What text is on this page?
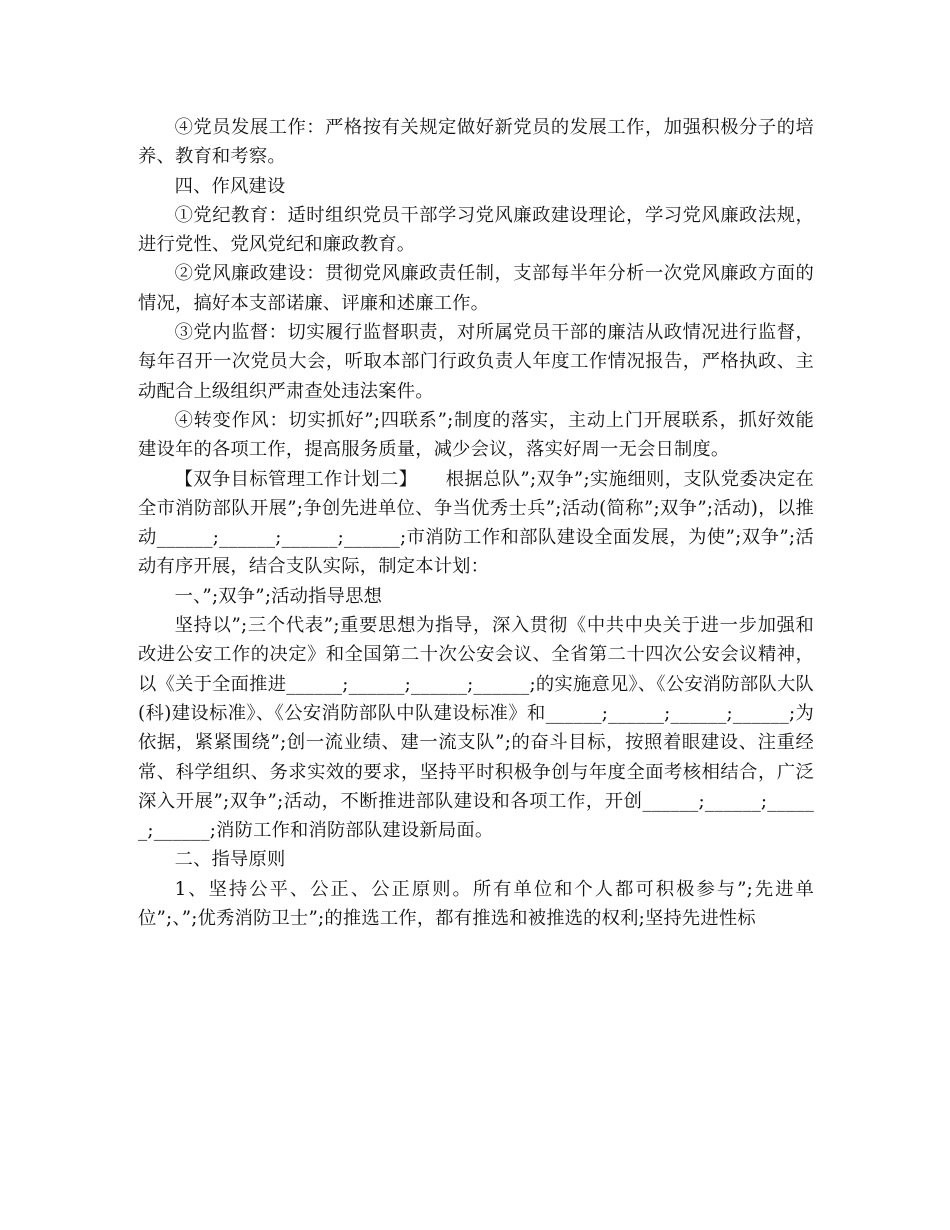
④党员发展工作：严格按有关规定做好新党员的发展工作，加强积极分子的培养、教育和考察。

四、作风建设

①党纪教育：适时组织党员干部学习党风廉政建设理论，学习党风廉政法规，进行党性、党风党纪和廉政教育。

②党风廉政建设：贯彻党风廉政责任制，支部每半年分析一次党风廉政方面的情况，搞好本支部诺廉、评廉和述廉工作。

③党内监督：切实履行监督职责，对所属党员干部的廉洁从政情况进行监督，每年召开一次党员大会，听取本部门行政负责人年度工作情况报告，严格执政、主动配合上级组织严肃查处违法案件。

④转变作风：切实抓好”;四联系”;制度的落实，主动上门开展联系，抓好效能建设年的各项工作，提高服务质量，减少会议，落实好周一无会日制度。

【双争目标管理工作计划二】　　根据总队”;双争”;实施细则，支队党委决定在全市消防部队开展”;争创先进单位、争当优秀士兵”;活动(简称”;双争”;活动)，以推动______;______;______;______;市消防工作和部队建设全面发展，为使”;双争”;活动有序开展，结合支队实际，制定本计划：

一、”;双争”;活动指导思想

坚持以”;三个代表”;重要思想为指导，深入贯彻《中共中央关于进一步加强和改进公安工作的决定》和全国第二十次公安会议、全省第二十四次公安会议精神，以《关于全面推进______;______;______;______;的实施意见》、《公安消防部队大队(科)建设标准》、《公安消防部队中队建设标准》和______;______;______;______;为依据，紧紧围绕”;创一流业绩、建一流支队”;的奋斗目标，按照着眼建设、注重经常、科学组织、务求实效的要求，坚持平时积极争创与年度全面考核相结合，广泛深入开展”;双争”;活动，不断推进部队建设和各项工作，开创______;______;______;______;消防工作和消防部队建设新局面。

二、指导原则

1、坚持公平、公正、公正原则。所有单位和个人都可积极参与”;先进单位”;、”;优秀消防卫士”;的推选工作，都有推选和被推选的权利;坚持先进性标
